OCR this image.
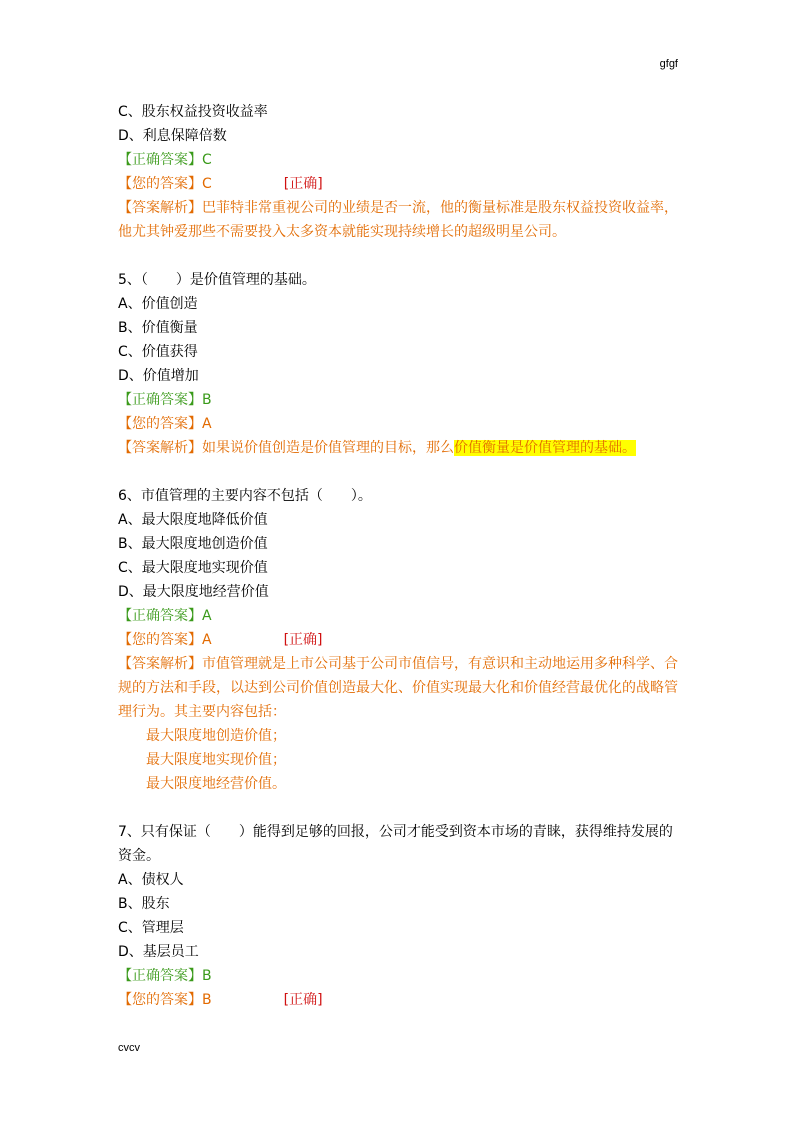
gfgf
C、股东权益投资收益率
D、利息保障倍数
【正确答案】C
【您的答案】C	[正确]
【答案解析】巴菲特非常重视公司的业绩是否一流，他的衡量标准是股东权益投资收益率，他尤其钟爱那些不需要投入太多资本就能实现持续增长的超级明星公司。
5、（　　）是价值管理的基础。
A、价值创造
B、价值衡量
C、价值获得
D、价值增加
【正确答案】B
【您的答案】A
【答案解析】如果说价值创造是价值管理的目标，那么价值衡量是价值管理的基础。
6、市值管理的主要内容不包括（　　）。
A、最大限度地降低价值
B、最大限度地创造价值
C、最大限度地实现价值
D、最大限度地经营价值
【正确答案】A
【您的答案】A	[正确]
【答案解析】市值管理就是上市公司基于公司市值信号，有意识和主动地运用多种科学、合规的方法和手段，以达到公司价值创造最大化、价值实现最大化和价值经营最优化的战略管理行为。其主要内容包括：
最大限度地创造价值；
最大限度地实现价值；
最大限度地经营价值。
7、只有保证（　　）能得到足够的回报，公司才能受到资本市场的青睐，获得维持发展的资金。
A、债权人
B、股东
C、管理层
D、基层员工
【正确答案】B
【您的答案】B	[正确]
cvcv
